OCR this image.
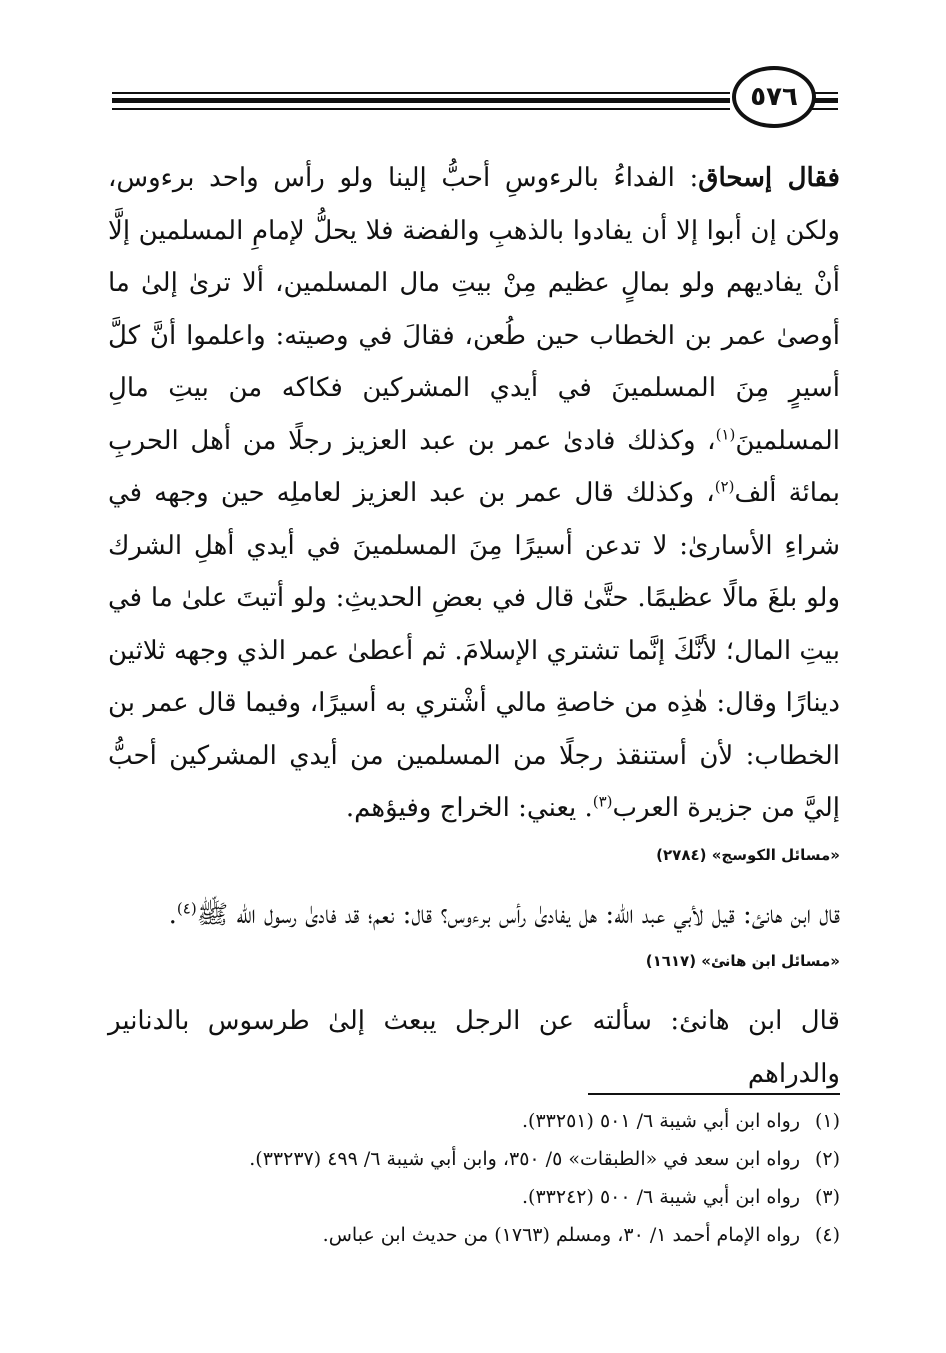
٥٧٦

فقال إسحاق: الفداءُ بالرءوسِ أحبُّ إلينا ولو رأس واحد برءوس، ولكن إن أبوا إلا أن يفادوا بالذهبِ والفضة فلا يحلُّ لإمامِ المسلمين إلَّا أنْ يفاديهم ولو بمالٍ عظيم مِنْ بيتِ مال المسلمين، ألا ترىٰ إلىٰ ما أوصىٰ عمر بن الخطاب حين طُعن، فقالَ في وصيته: واعلموا أنَّ كلَّ أسيرٍ مِنَ المسلمينَ في أيدي المشركين فكاكه من بيتِ مالِ المسلمينَ$^{(١)}$، وكذلك فادىٰ عمر بن عبد العزيز رجلًا من أهل الحربِ بمائة ألف$^{(٢)}$، وكذلك قال عمر بن عبد العزيز لعاملِه حين وجهه في شراءِ الأسارىٰ: لا تدعن أسيرًا مِنَ المسلمينَ في أيدي أهلِ الشرك ولو بلغَ مالًا عظيمًا. حتَّىٰ قال في بعضِ الحديثِ: ولو أتيتَ علىٰ ما في بيتِ المال؛ لأنَّكَ إنَّما تشتري الإسلامَ. ثم أعطىٰ عمر الذي وجهه ثلاثين دينارًا وقال: هٰذِه من خاصةِ مالي أشْتري به أسيرًا، وفيما قال عمر بن الخطاب: لأن أستنقذ رجلًا من المسلمين من أيدي المشركين أحبُّ إليَّ من جزيرة العرب$^{(٣)}$. يعني: الخراج وفيؤهم.

«مسائل الكوسج» (٢٧٨٤)

قال ابن هانئ: قيل لأبي عبد الله: هل يفادىٰ رأس برءوس؟ قال: نعم؛ قد فادىٰ رسول الله ﷺ$^{(٤)}$.

«مسائل ابن هانئ» (١٦١٧)

قال ابن هانئ: سألته عن الرجل يبعث إلىٰ طرسوس بالدنانير والدراهم

(١)رواه ابن أبي شيبة ٦/ ٥٠١ (٣٣٢٥١).

(٢)رواه ابن سعد في «الطبقات» ٥/ ٣٥٠، وابن أبي شيبة ٦/ ٤٩٩ (٣٣٢٣٧).

(٣)رواه ابن أبي شيبة ٦/ ٥٠٠ (٣٣٢٤٢).

(٤)رواه الإمام أحمد ١/ ٣٠، ومسلم (١٧٦٣) من حديث ابن عباس.
